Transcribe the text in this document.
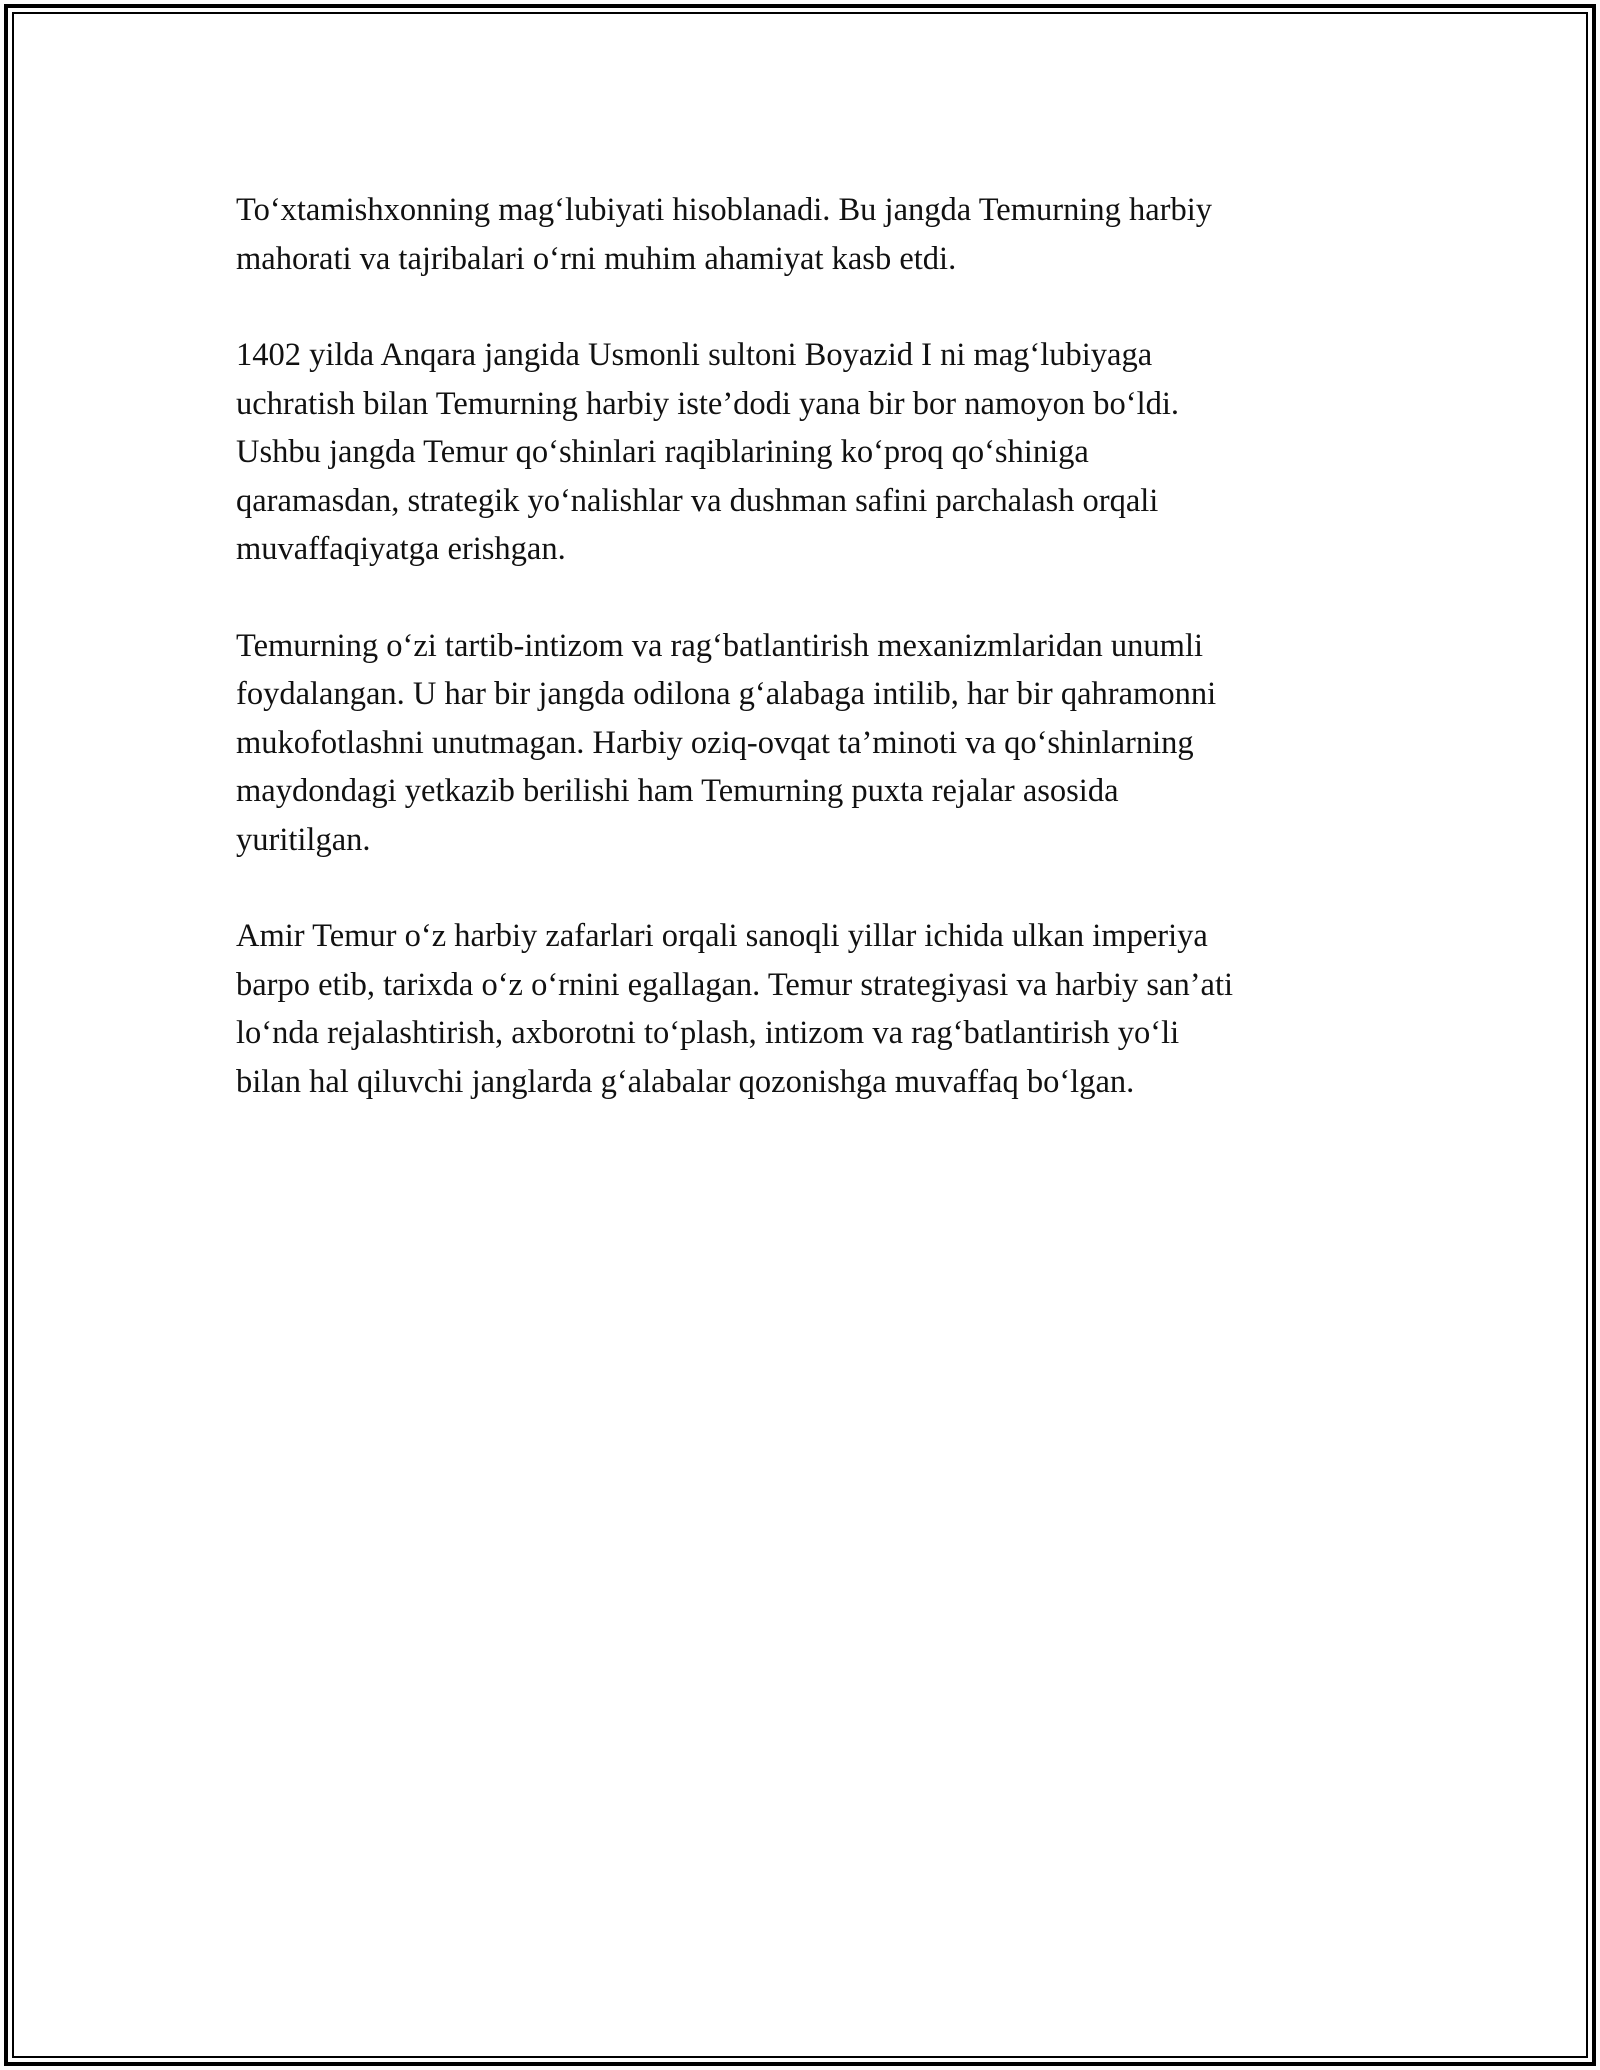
To‘xtamishxonning mag‘lubiyati hisoblanadi. Bu jangda Temurning harbiy
mahorati va tajribalari o‘rni muhim ahamiyat kasb etdi.

1402 yilda Anqara jangida Usmonli sultoni Boyazid I ni mag‘lubiyaga
uchratish bilan Temurning harbiy iste’dodi yana bir bor namoyon bo‘ldi.
Ushbu jangda Temur qo‘shinlari raqiblarining ko‘proq qo‘shiniga
qaramasdan, strategik yo‘nalishlar va dushman safini parchalash orqali
muvaffaqiyatga erishgan.

Temurning o‘zi tartib-intizom va rag‘batlantirish mexanizmlaridan unumli
foydalangan. U har bir jangda odilona g‘alabaga intilib, har bir qahramonni
mukofotlashni unutmagan. Harbiy oziq-ovqat ta’minoti va qo‘shinlarning
maydondagi yetkazib berilishi ham Temurning puxta rejalar asosida
yuritilgan.

Amir Temur o‘z harbiy zafarlari orqali sanoqli yillar ichida ulkan imperiya
barpo etib, tarixda o‘z o‘rnini egallagan. Temur strategiyasi va harbiy san’ati
lo‘nda rejalashtirish, axborotni to‘plash, intizom va rag‘batlantirish yo‘li
bilan hal qiluvchi janglarda g‘alabalar qozonishga muvaffaq bo‘lgan.
